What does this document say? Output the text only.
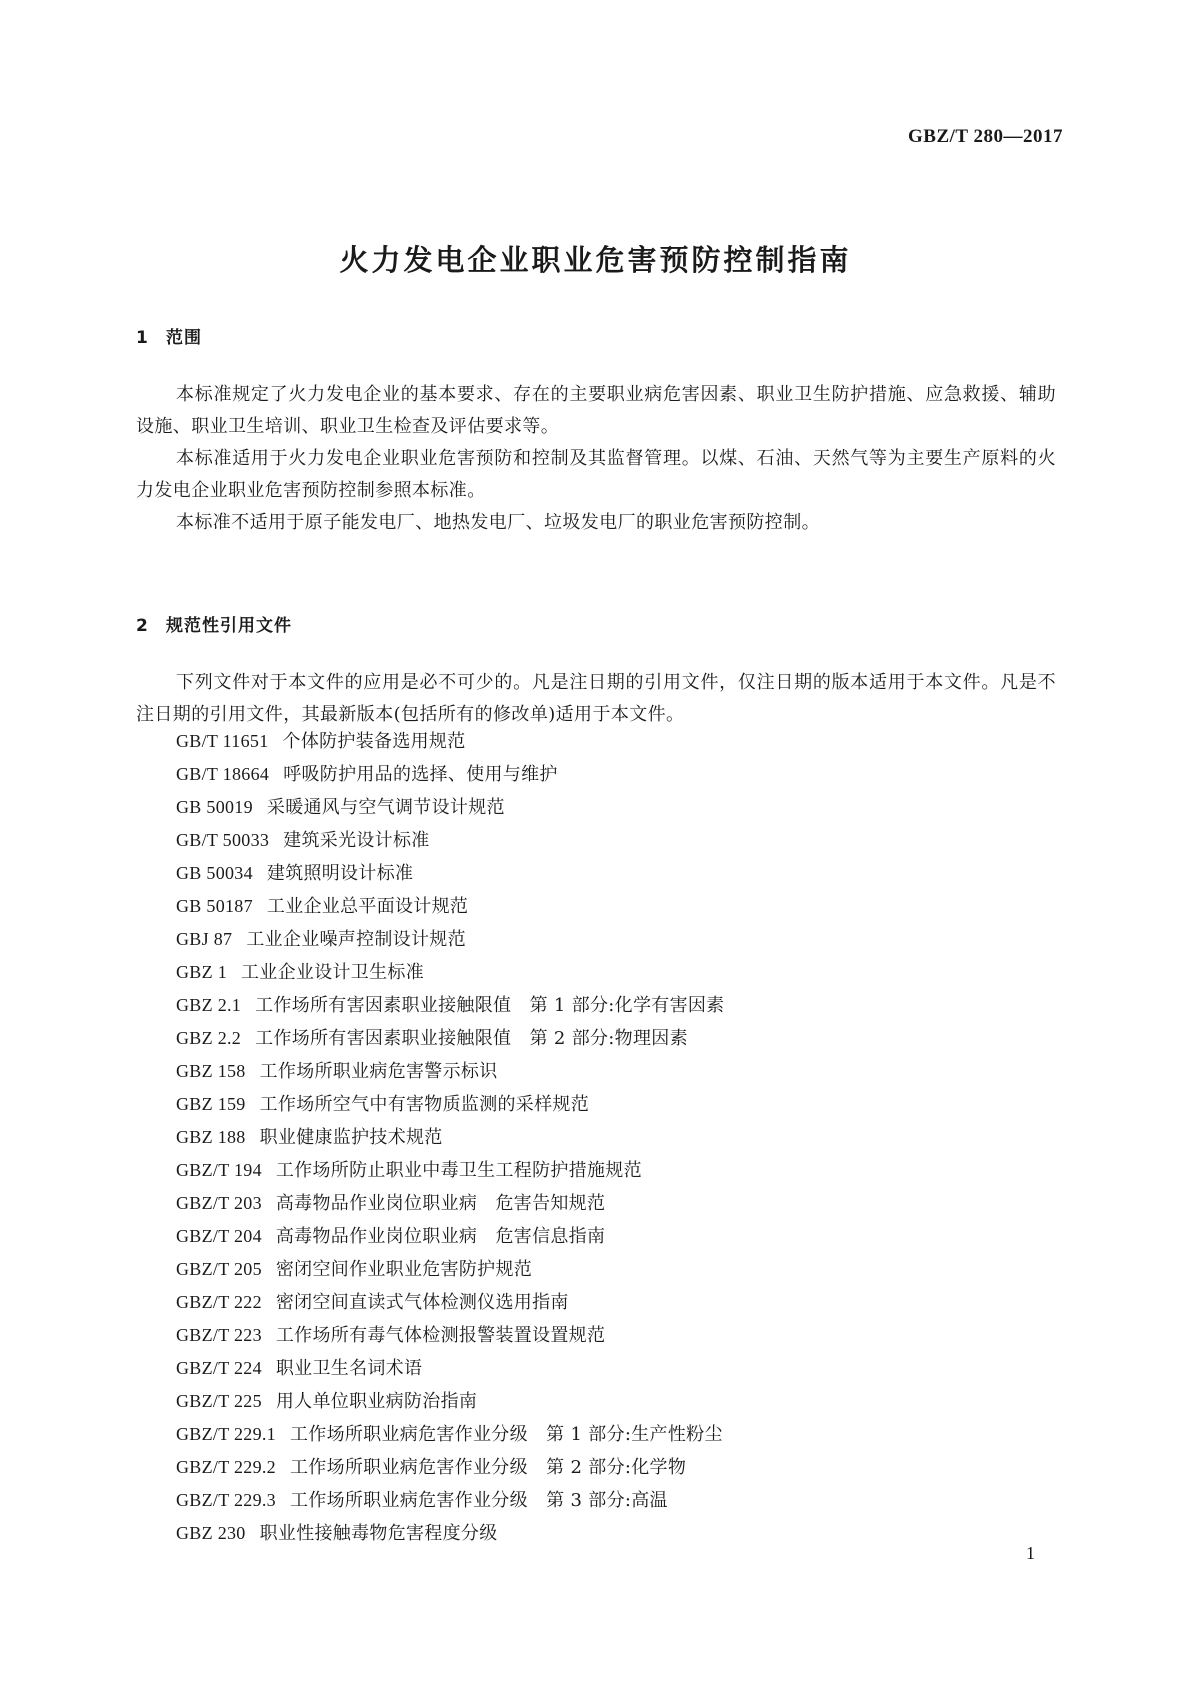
GBZ/T 280—2017

火力发电企业职业危害预防控制指南
1 范围

本标准规定了火力发电企业的基本要求、存在的主要职业病危害因素、职业卫生防护措施、应急救援、辅助设施、职业卫生培训、职业卫生检查及评估要求等。

本标准适用于火力发电企业职业危害预防和控制及其监督管理。以煤、石油、天然气等为主要生产原料的火力发电企业职业危害预防控制参照本标准。

本标准不适用于原子能发电厂、地热发电厂、垃圾发电厂的职业危害预防控制。

2 规范性引用文件

下列文件对于本文件的应用是必不可少的。凡是注日期的引用文件，仅注日期的版本适用于本文件。凡是不注日期的引用文件，其最新版本(包括所有的修改单)适用于本文件。

GB/T 11651 个体防护装备选用规范
GB/T 18664 呼吸防护用品的选择、使用与维护
GB 50019 采暖通风与空气调节设计规范
GB/T 50033 建筑采光设计标准
GB 50034 建筑照明设计标准
GB 50187 工业企业总平面设计规范
GBJ 87 工业企业噪声控制设计规范
GBZ 1 工业企业设计卫生标准
GBZ 2.1 工作场所有害因素职业接触限值　第 1 部分:化学有害因素
GBZ 2.2 工作场所有害因素职业接触限值　第 2 部分:物理因素
GBZ 158 工作场所职业病危害警示标识
GBZ 159 工作场所空气中有害物质监测的采样规范
GBZ 188 职业健康监护技术规范
GBZ/T 194 工作场所防止职业中毒卫生工程防护措施规范
GBZ/T 203 高毒物品作业岗位职业病　危害告知规范
GBZ/T 204 高毒物品作业岗位职业病　危害信息指南
GBZ/T 205 密闭空间作业职业危害防护规范
GBZ/T 222 密闭空间直读式气体检测仪选用指南
GBZ/T 223 工作场所有毒气体检测报警装置设置规范
GBZ/T 224 职业卫生名词术语
GBZ/T 225 用人单位职业病防治指南
GBZ/T 229.1 工作场所职业病危害作业分级　第 1 部分:生产性粉尘
GBZ/T 229.2 工作场所职业病危害作业分级　第 2 部分:化学物
GBZ/T 229.3 工作场所职业病危害作业分级　第 3 部分:高温
GBZ 230 职业性接触毒物危害程度分级

1
